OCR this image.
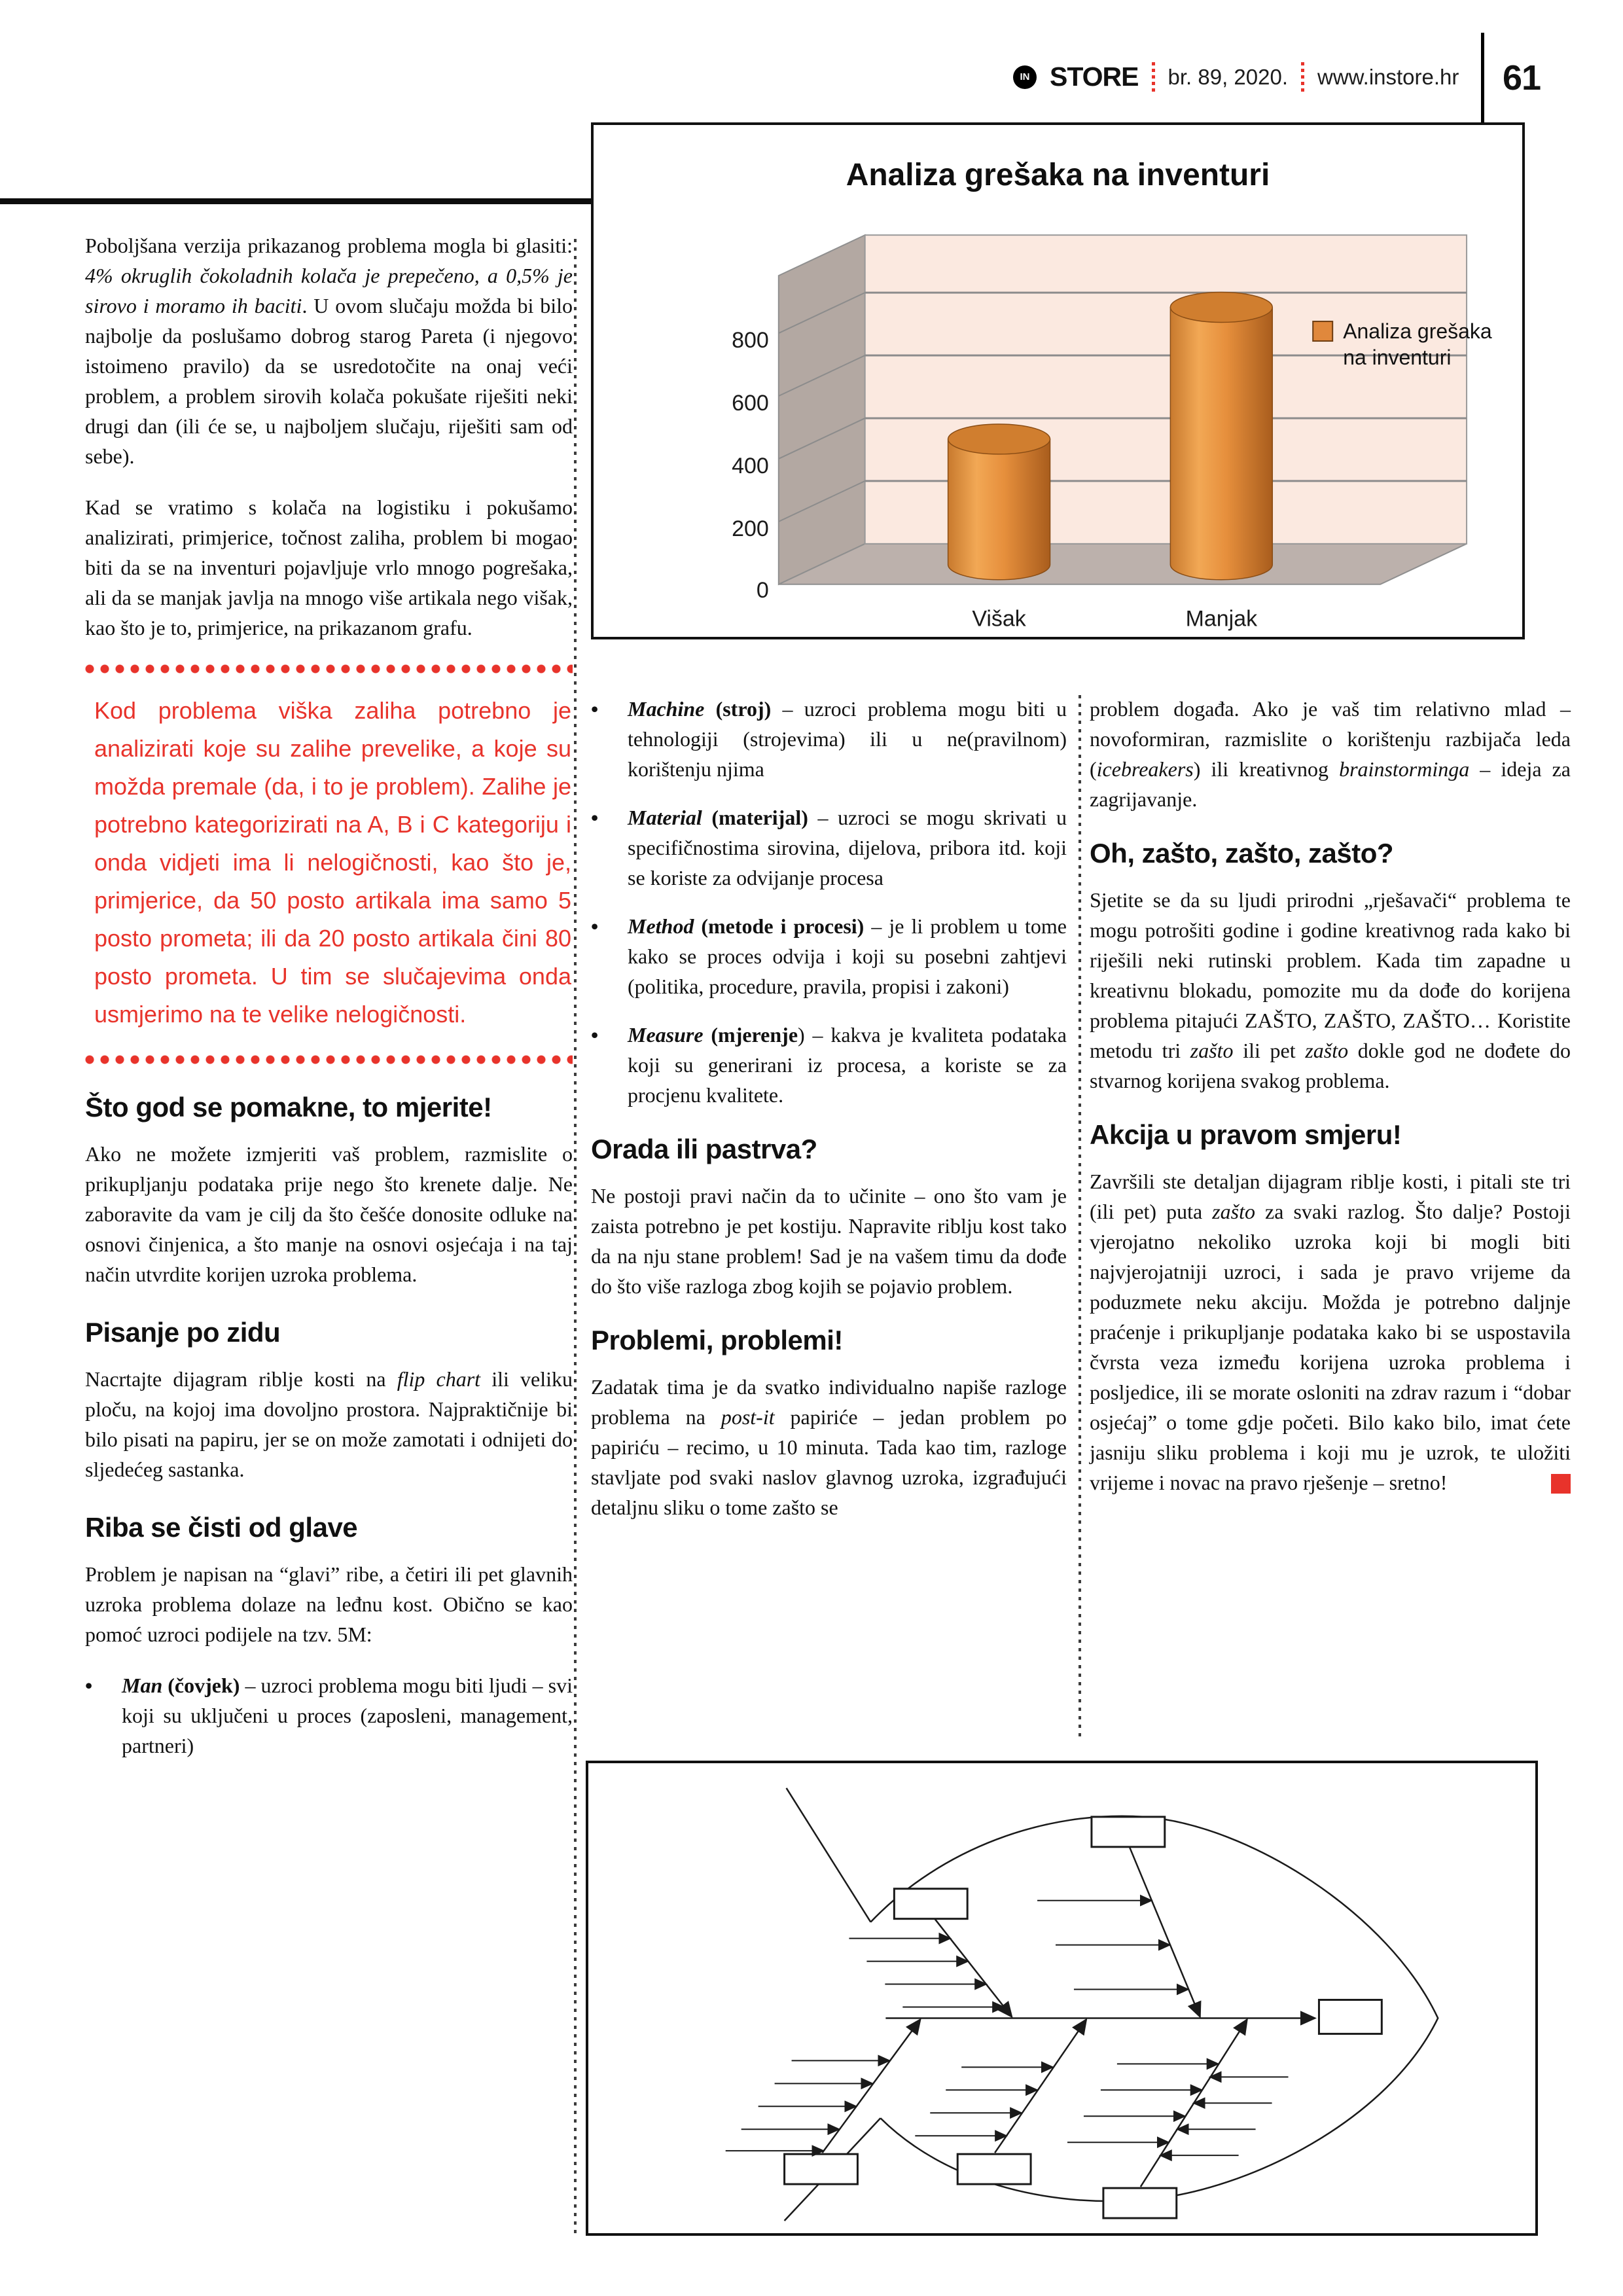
IN STORE br. 89, 2020. www.instore.hr 61
Analiza grešaka na inventuri
800
600
400
200
0
Višak	Manjak
Analiza grešaka
na inventuri

Poboljšana verzija prikazanog problema mogla bi glasiti: 4% okruglih čokoladnih kolača je prepečeno, a 0,5% je sirovo i moramo ih baciti. U ovom slučaju možda bi bilo najbolje da poslušamo dobrog starog Pareta (i njegovo istoimeno pravilo) da se usredotočite na onaj veći problem, a problem sirovih kolača pokušate riješiti neki drugi dan (ili će se, u najboljem slučaju, riješiti sam od sebe).

Kad se vratimo s kolača na logistiku i pokušamo analizirati, primjerice, točnost zaliha, problem bi mogao biti da se na inventuri pojavljuje vrlo mnogo pogrešaka, ali da se manjak javlja na mnogo više artikala nego višak, kao što je to, primjerice, na prikazanom grafu.

Kod problema viška zaliha potrebno je analizirati koje su zalihe prevelike, a koje su možda premale (da, i to je problem). Zalihe je potrebno kategorizirati na A, B i C kategoriju i onda vidjeti ima li nelogičnosti, kao što je, primjerice, da 50 posto artikala ima samo 5 posto prometa; ili da 20 posto artikala čini 80 posto prometa. U tim se slučajevima onda usmjerimo na te velike nelogičnosti.

Što god se pomakne, to mjerite!

Ako ne možete izmjeriti vaš problem, razmislite o prikupljanju podataka prije nego što krenete dalje. Ne zaboravite da vam je cilj da što češće donosite odluke na osnovi činjenica, a što manje na osnovi osjećaja i na taj način utvrdite korijen uzroka problema.

Pisanje po zidu

Nacrtajte dijagram riblje kosti na flip chart ili veliku ploču, na kojoj ima dovoljno prostora. Najpraktičnije bi bilo pisati na papiru, jer se on može zamotati i odnijeti do sljedećeg sastanka.

Riba se čisti od glave

Problem je napisan na “glavi” ribe, a četiri ili pet glavnih uzroka problema dolaze na leđnu kost. Obično se kao pomoć uzroci podijele na tzv. 5M:

•	Man (čovjek) – uzroci problema mogu biti ljudi – svi koji su uključeni u proces (zaposleni, management, partneri)
•	Machine (stroj) – uzroci problema mogu biti u tehnologiji (strojevima) ili u ne(pravilnom) korištenju njima
•	Material (materijal) – uzroci se mogu skrivati u specifičnostima sirovina, dijelova, pribora itd. koji se koriste za odvijanje procesa
•	Method (metode i procesi) – je li problem u tome kako se proces odvija i koji su posebni zahtjevi (politika, procedure, pravila, propisi i zakoni)
•	Measure (mjerenje) – kakva je kvaliteta podataka koji su generirani iz procesa, a koriste se za procjenu kvalitete.
Orada ili pastrva?

Ne postoji pravi način da to učinite – ono što vam je zaista potrebno je pet kostiju. Napravite riblju kost tako da na nju stane problem! Sad je na vašem timu da dođe do što više razloga zbog kojih se pojavio problem.

Problemi, problemi!

Zadatak tima je da svatko individualno napiše razloge problema na post-it papiriće – jedan problem po papiriću – recimo, u 10 minuta. Tada kao tim, razloge stavljate pod svaki naslov glavnog uzroka, izgrađujući detaljnu sliku o tome zašto se

problem događa. Ako je vaš tim relativno mlad – novoformiran, razmislite o korištenju razbijača leda (icebreakers) ili kreativnog brainstorminga – ideja za zagrijavanje.

Oh, zašto, zašto, zašto?

Sjetite se da su ljudi prirodni „rješavači“ problema te mogu potrošiti godine i godine kreativnog rada kako bi riješili neki rutinski problem. Kada tim zapadne u kreativnu blokadu, pomozite mu da dođe do korijena problema pitajući ZAŠTO, ZAŠTO, ZAŠTO… Koristite metodu tri zašto ili pet zašto dokle god ne dođete do stvarnog korijena svakog problema.

Akcija u pravom smjeru!

Završili ste detaljan dijagram riblje kosti, i pitali ste tri (ili pet) puta zašto za svaki razlog. Što dalje? Postoji vjerojatno nekoliko uzroka koji bi mogli biti najvjerojatniji uzroci, i sada je pravo vrijeme da poduzmete neku akciju. Možda je potrebno daljnje praćenje i prikupljanje podataka kako bi se uspostavila čvrsta veza između korijena uzroka problema i posljedice, ili se morate osloniti na zdrav razum i “dobar osjećaj” o tome gdje početi. Bilo kako bilo, imat ćete jasniju sliku problema i koji mu je uzrok, te uložiti vrijeme i novac na pravo rješenje – sretno!
